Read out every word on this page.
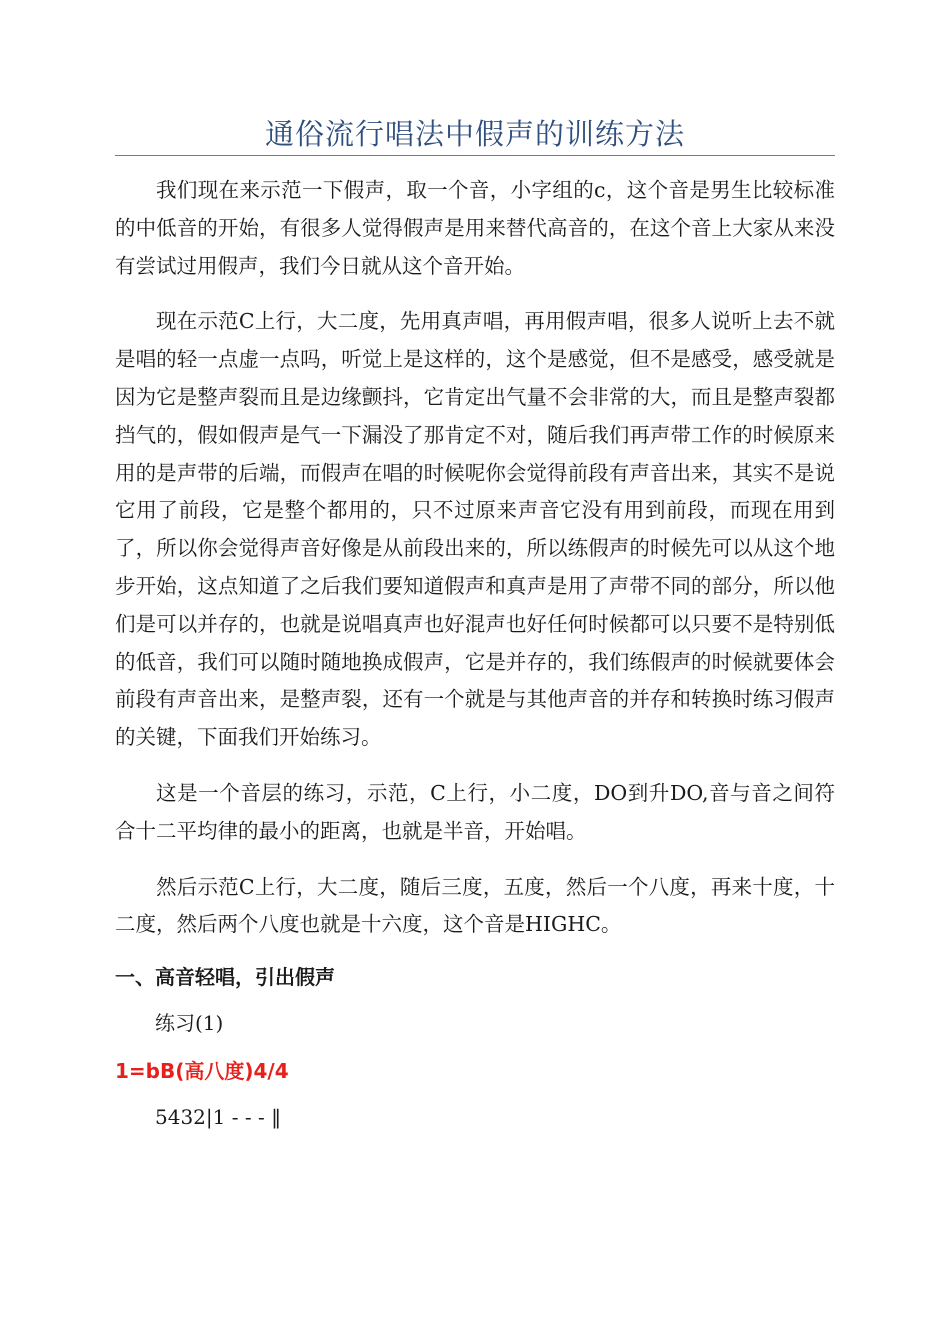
通俗流行唱法中假声的训练方法

我们现在来示范一下假声，取一个音，小字组的c，这个音是男生比较标准的中低音的开始，有很多人觉得假声是用来替代高音的，在这个音上大家从来没有尝试过用假声，我们今日就从这个音开始。

现在示范C上行，大二度，先用真声唱，再用假声唱，很多人说听上去不就是唱的轻一点虚一点吗，听觉上是这样的，这个是感觉，但不是感受，感受就是因为它是整声裂而且是边缘颤抖，它肯定出气量不会非常的大，而且是整声裂都挡气的，假如假声是气一下漏没了那肯定不对，随后我们再声带工作的时候原来用的是声带的后端，而假声在唱的时候呢你会觉得前段有声音出来，其实不是说它用了前段，它是整个都用的，只不过原来声音它没有用到前段，而现在用到了，所以你会觉得声音好像是从前段出来的，所以练假声的时候先可以从这个地步开始，这点知道了之后我们要知道假声和真声是用了声带不同的部分，所以他们是可以并存的，也就是说唱真声也好混声也好任何时候都可以只要不是特别低的低音，我们可以随时随地换成假声，它是并存的，我们练假声的时候就要体会前段有声音出来，是整声裂，还有一个就是与其他声音的并存和转换时练习假声的关键，下面我们开始练习。

这是一个音层的练习，示范，C上行，小二度，DO到升DO,音与音之间符合十二平均律的最小的距离，也就是半音，开始唱。

然后示范C上行，大二度，随后三度，五度，然后一个八度，再来十度，十二度，然后两个八度也就是十六度，这个音是HIGHC。

一、高音轻唱，引出假声
练习(1)
1=bB(高八度)4/4
5432|1 - - - ‖
